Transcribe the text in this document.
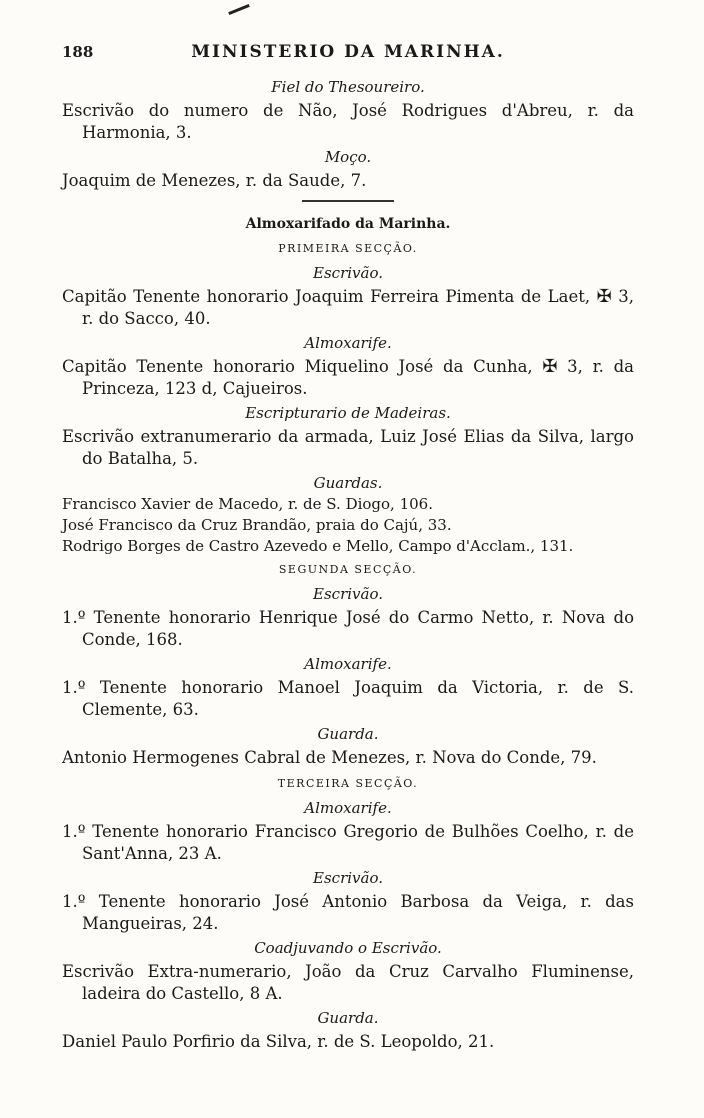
188	MINISTERIO DA MARINHA.
Fiel do Thesoureiro.
Escrivão do numero de Não, José Rodrigues d'Abreu, r. da Harmonia, 3.
Moço.
Joaquim de Menezes, r. da Saude, 7.
Almoxarifado da Marinha.
PRIMEIRA SECÇÃO.
Escrivão.
Capitão Tenente honorario Joaquim Ferreira Pimenta de Laet, ✠ 3, r. do Sacco, 40.
Almoxarife.
Capitão Tenente honorario Miquelino José da Cunha, ✠ 3, r. da Princeza, 123 d, Cajueiros.
Escripturario de Madeiras.
Escrivão extranumerario da armada, Luiz José Elias da Silva, largo do Batalha, 5.
Guardas.
Francisco Xavier de Macedo, r. de S. Diogo, 106.
José Francisco da Cruz Brandão, praia do Cajú, 33.
Rodrigo Borges de Castro Azevedo e Mello, Campo d'Acclam., 131.
SEGUNDA SECÇÃO.
Escrivão.
1.º Tenente honorario Henrique José do Carmo Netto, r. Nova do Conde, 168.
Almoxarife.
1.º Tenente honorario Manoel Joaquim da Victoria, r. de S. Clemente, 63.
Guarda.
Antonio Hermogenes Cabral de Menezes, r. Nova do Conde, 79.
TERCEIRA SECÇÃO.
Almoxarife.
1.º Tenente honorario Francisco Gregorio de Bulhões Coelho, r. de Sant'Anna, 23 A.
Escrivão.
1.º Tenente honorario José Antonio Barbosa da Veiga, r. das Mangueiras, 24.
Coadjuvando o Escrivão.
Escrivão Extra-numerario, João da Cruz Carvalho Fluminense, ladeira do Castello, 8 A.
Guarda.
Daniel Paulo Porfirio da Silva, r. de S. Leopoldo, 21.
